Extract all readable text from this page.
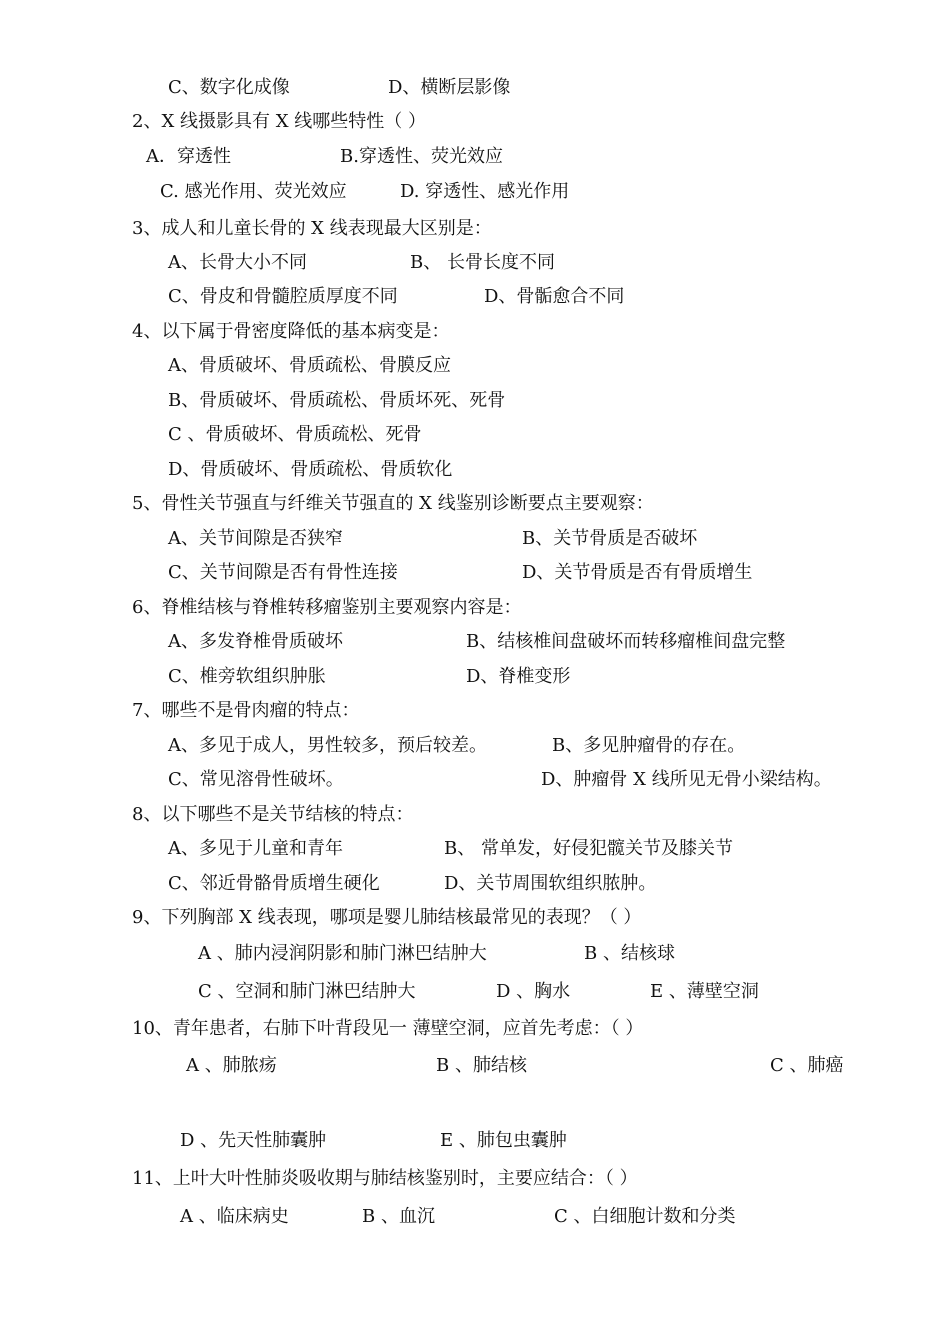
C、数字化成像	D、横断层影像
2、X 线摄影具有 X 线哪些特性（ ）
A．穿透性	B.穿透性、荧光效应
C. 感光作用、荧光效应	D. 穿透性、感光作用
3、成人和儿童长骨的 X 线表现最大区别是：
A、长骨大小不同	B、 长骨长度不同
C、骨皮和骨髓腔质厚度不同	D、骨骺愈合不同
4、以下属于骨密度降低的基本病变是：
A、骨质破坏、骨质疏松、骨膜反应
B、骨质破坏、骨质疏松、骨质坏死、死骨
C 、骨质破坏、骨质疏松、死骨
D、骨质破坏、骨质疏松、骨质软化
5、骨性关节强直与纤维关节强直的 X 线鉴别诊断要点主要观察：
A、关节间隙是否狭窄	B、关节骨质是否破坏
C、关节间隙是否有骨性连接	D、关节骨质是否有骨质增生
6、脊椎结核与脊椎转移瘤鉴别主要观察内容是：
A、多发脊椎骨质破坏	B、结核椎间盘破坏而转移瘤椎间盘完整
C、椎旁软组织肿胀	D、脊椎变形
7、哪些不是骨肉瘤的特点：
A、多见于成人，男性较多，预后较差。	B、多见肿瘤骨的存在。
C、常见溶骨性破坏。	D、肿瘤骨 X 线所见无骨小梁结构。
8、以下哪些不是关节结核的特点：
A、多见于儿童和青年	B、 常单发，好侵犯髋关节及膝关节
C、邻近骨骼骨质增生硬化	D、关节周围软组织脓肿。
9、下列胸部 X 线表现，哪项是婴儿肺结核最常见的表现？（ ）
A 、肺内浸润阴影和肺门淋巴结肿大	B 、结核球
C 、空洞和肺门淋巴结肿大	D 、胸水	E 、薄壁空洞
10、青年患者，右肺下叶背段见一 薄壁空洞，应首先考虑：（ ）
A 、肺脓疡	B 、肺结核	C 、肺癌
D 、先天性肺囊肿	E 、肺包虫囊肿
11、上叶大叶性肺炎吸收期与肺结核鉴别时，主要应结合：（ ）
A 、临床病史	B 、血沉	C 、白细胞计数和分类
